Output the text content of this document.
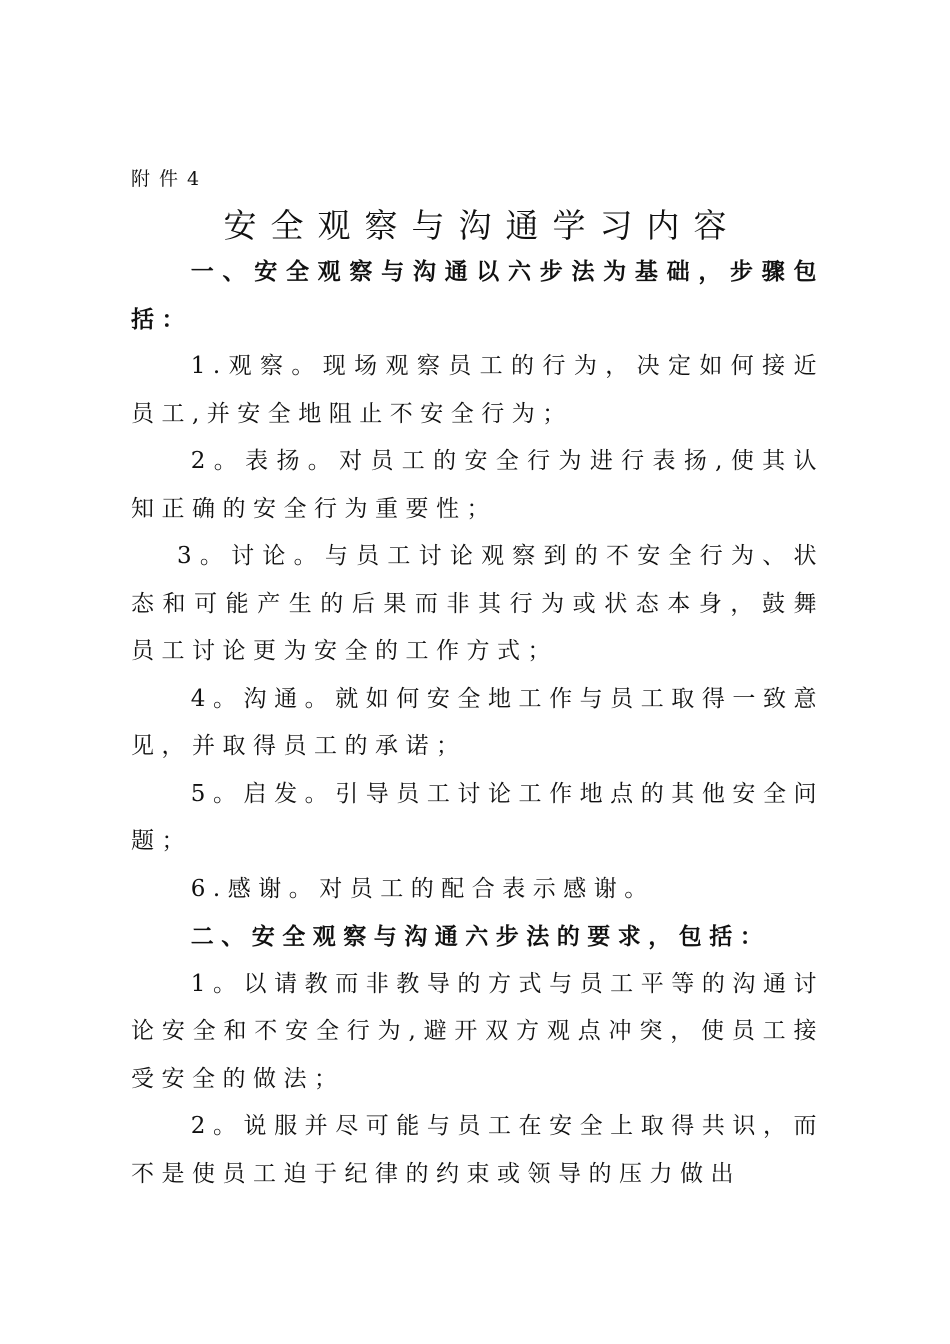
附件4
安全观察与沟通学习内容

一、安全观察与沟通以六步法为基础，步骤包括：

1.观察。现场观察员工的行为，决定如何接近员工,并安全地阻止不安全行为；

2。表扬。对员工的安全行为进行表扬,使其认知正确的安全行为重要性；

3。讨论。与员工讨论观察到的不安全行为、状态和可能产生的后果而非其行为或状态本身，鼓舞员工讨论更为安全的工作方式；

4。沟通。就如何安全地工作与员工取得一致意见，并取得员工的承诺；

5。启发。引导员工讨论工作地点的其他安全问题；

6.感谢。对员工的配合表示感谢。

二、安全观察与沟通六步法的要求，包括：

1。以请教而非教导的方式与员工平等的沟通讨论安全和不安全行为,避开双方观点冲突，使员工接受安全的做法；

2。说服并尽可能与员工在安全上取得共识，而不是使员工迫于纪律的约束或领导的压力做出
